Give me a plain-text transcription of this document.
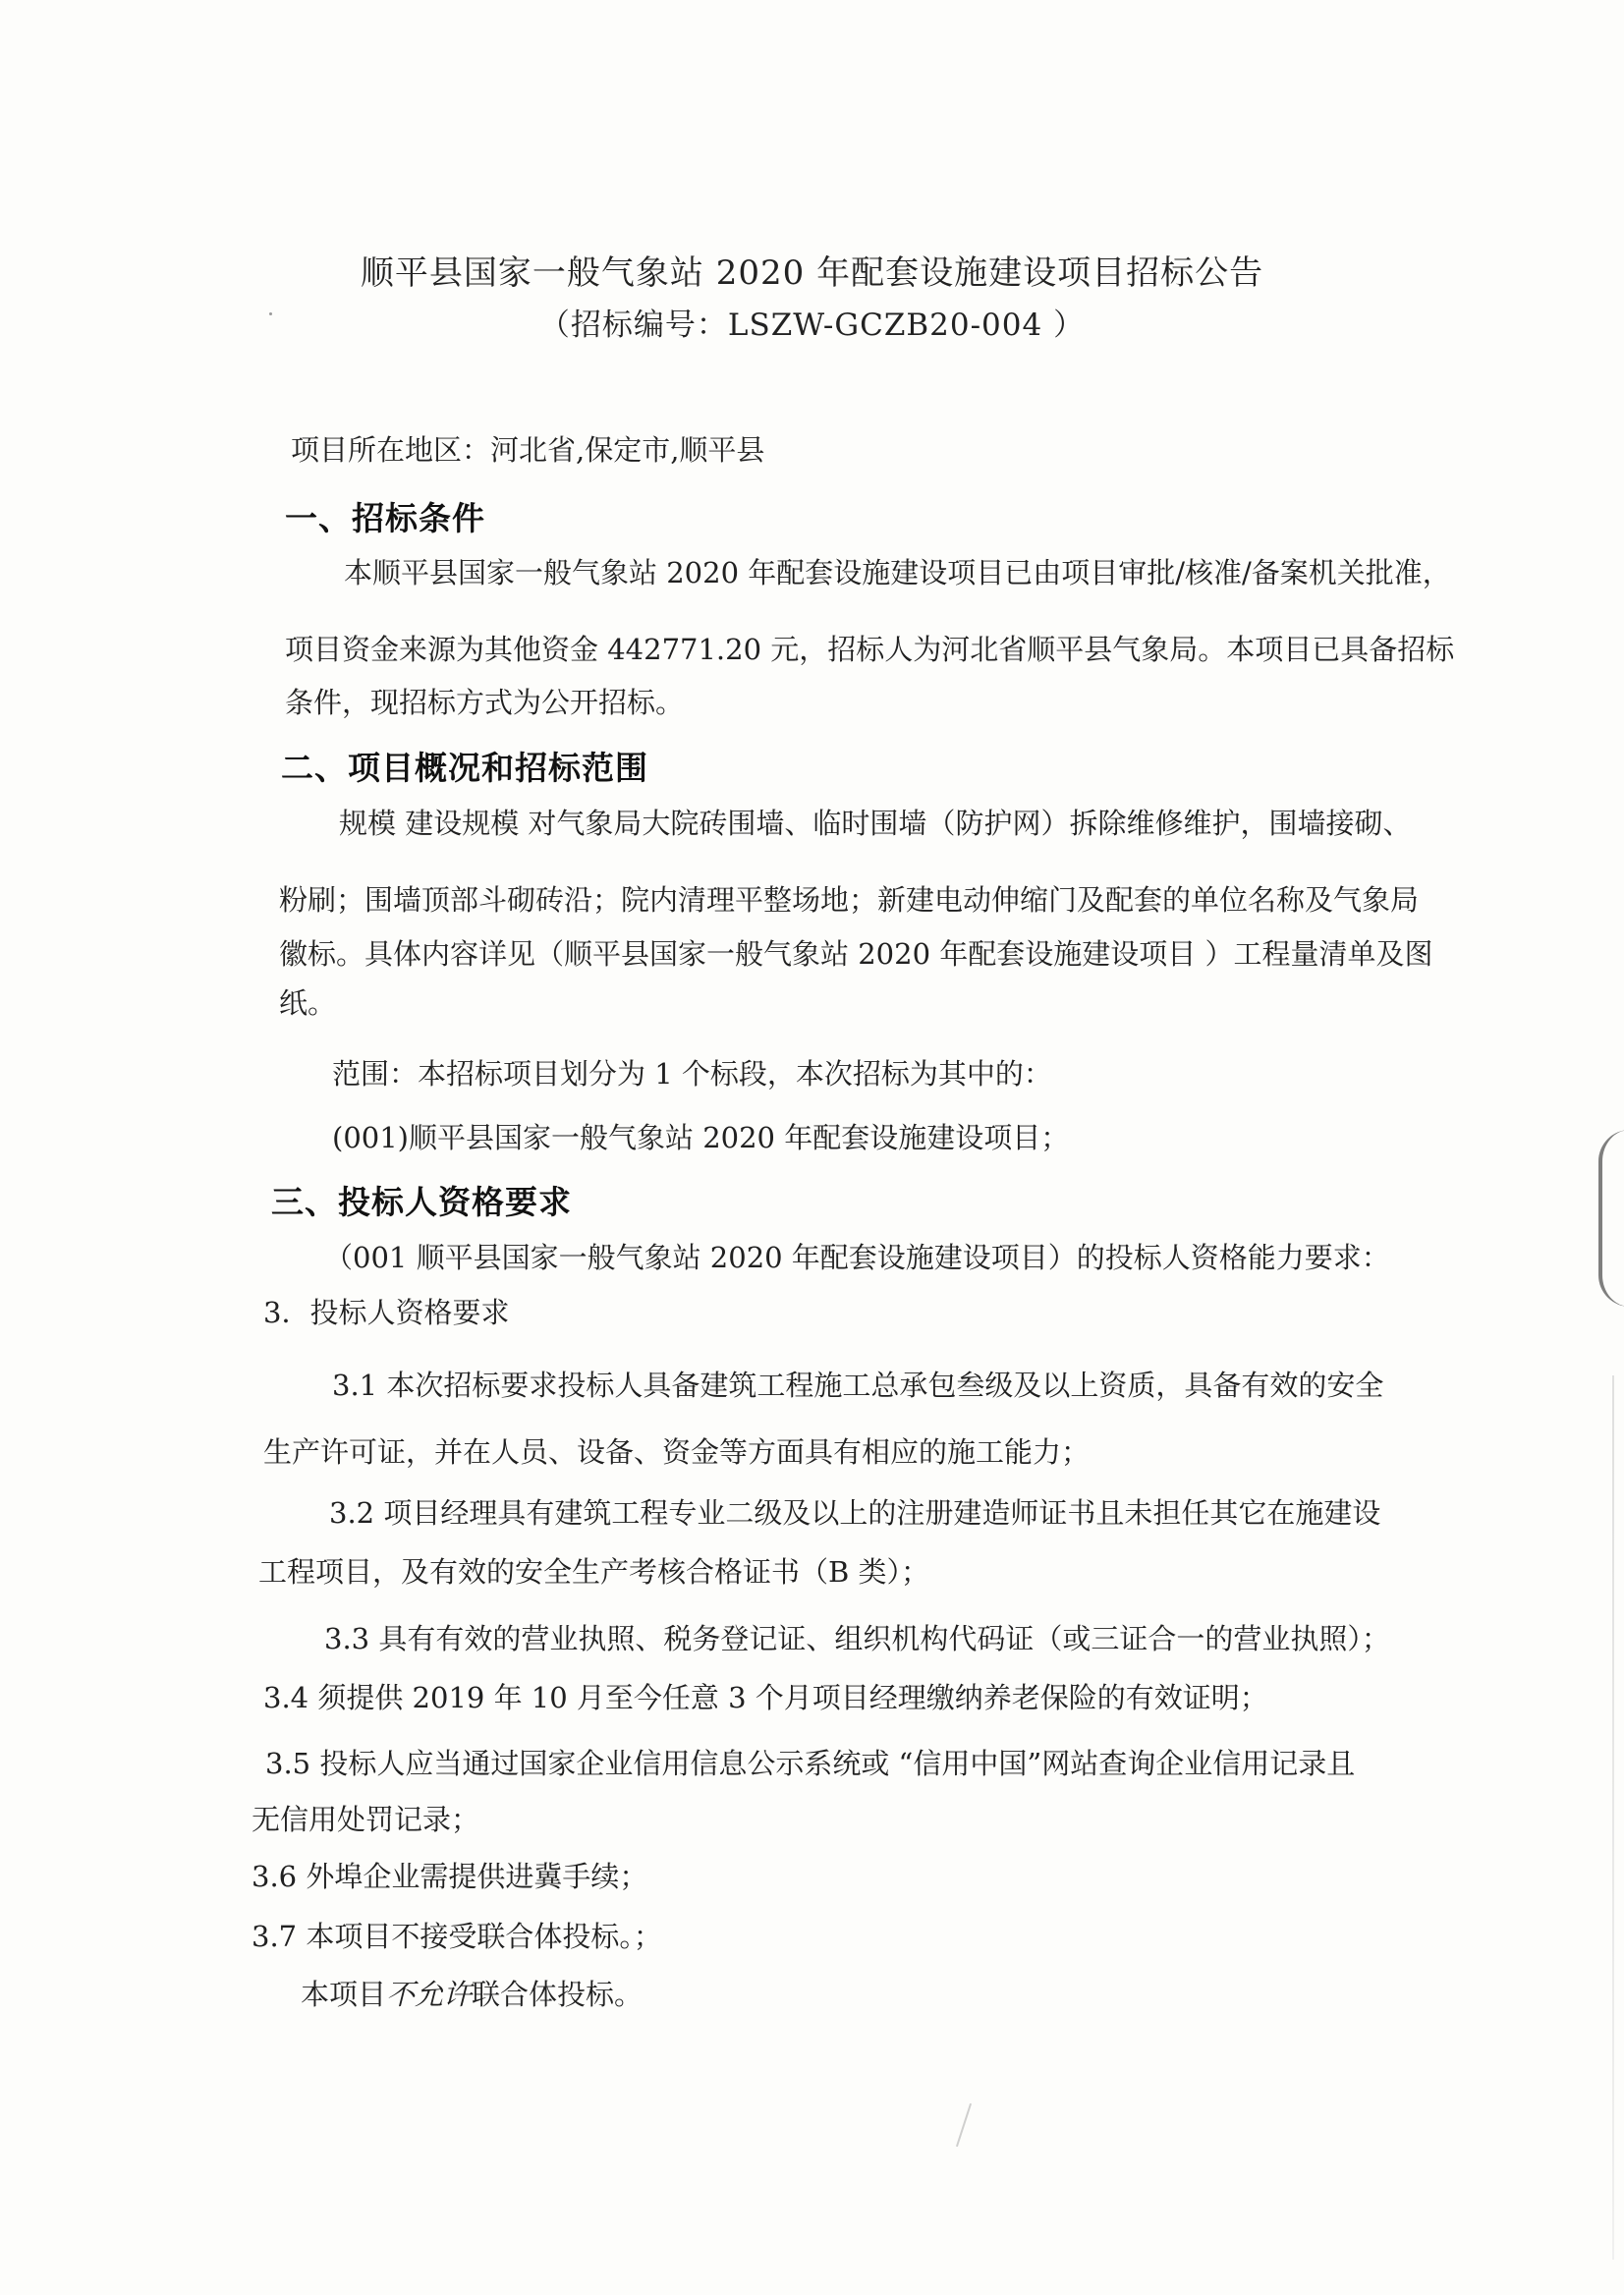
顺平县国家一般气象站 2020 年配套设施建设项目招标公告
（招标编号：LSZW-GCZB20-004 ）
项目所在地区：河北省,保定市,顺平县
一、招标条件
本顺平县国家一般气象站 2020 年配套设施建设项目已由项目审批/核准/备案机关批准，
项目资金来源为其他资金 442771.20 元，招标人为河北省顺平县气象局。本项目已具备招标
条件，现招标方式为公开招标。
二、项目概况和招标范围
规模 建设规模 对气象局大院砖围墙、临时围墙（防护网）拆除维修维护，围墙接砌、
粉刷；围墙顶部斗砌砖沿；院内清理平整场地；新建电动伸缩门及配套的单位名称及气象局
徽标。具体内容详见（顺平县国家一般气象站 2020 年配套设施建设项目 ）工程量清单及图
纸。
范围：本招标项目划分为 1 个标段，本次招标为其中的：
(001)顺平县国家一般气象站 2020 年配套设施建设项目；
三、投标人资格要求
（001 顺平县国家一般气象站 2020 年配套设施建设项目）的投标人资格能力要求：
3．投标人资格要求
3.1 本次招标要求投标人具备建筑工程施工总承包叁级及以上资质，具备有效的安全
生产许可证，并在人员、设备、资金等方面具有相应的施工能力；
3.2 项目经理具有建筑工程专业二级及以上的注册建造师证书且未担任其它在施建设
工程项目，及有效的安全生产考核合格证书（B 类）；
3.3 具有有效的营业执照、税务登记证、组织机构代码证（或三证合一的营业执照）；
3.4 须提供 2019 年 10 月至今任意 3 个月项目经理缴纳养老保险的有效证明；
3.5 投标人应当通过国家企业信用信息公示系统或 “信用中国”网站查询企业信用记录且
无信用处罚记录；
3.6 外埠企业需提供进冀手续；
3.7 本项目不接受联合体投标。；
本项目不允许联合体投标。
